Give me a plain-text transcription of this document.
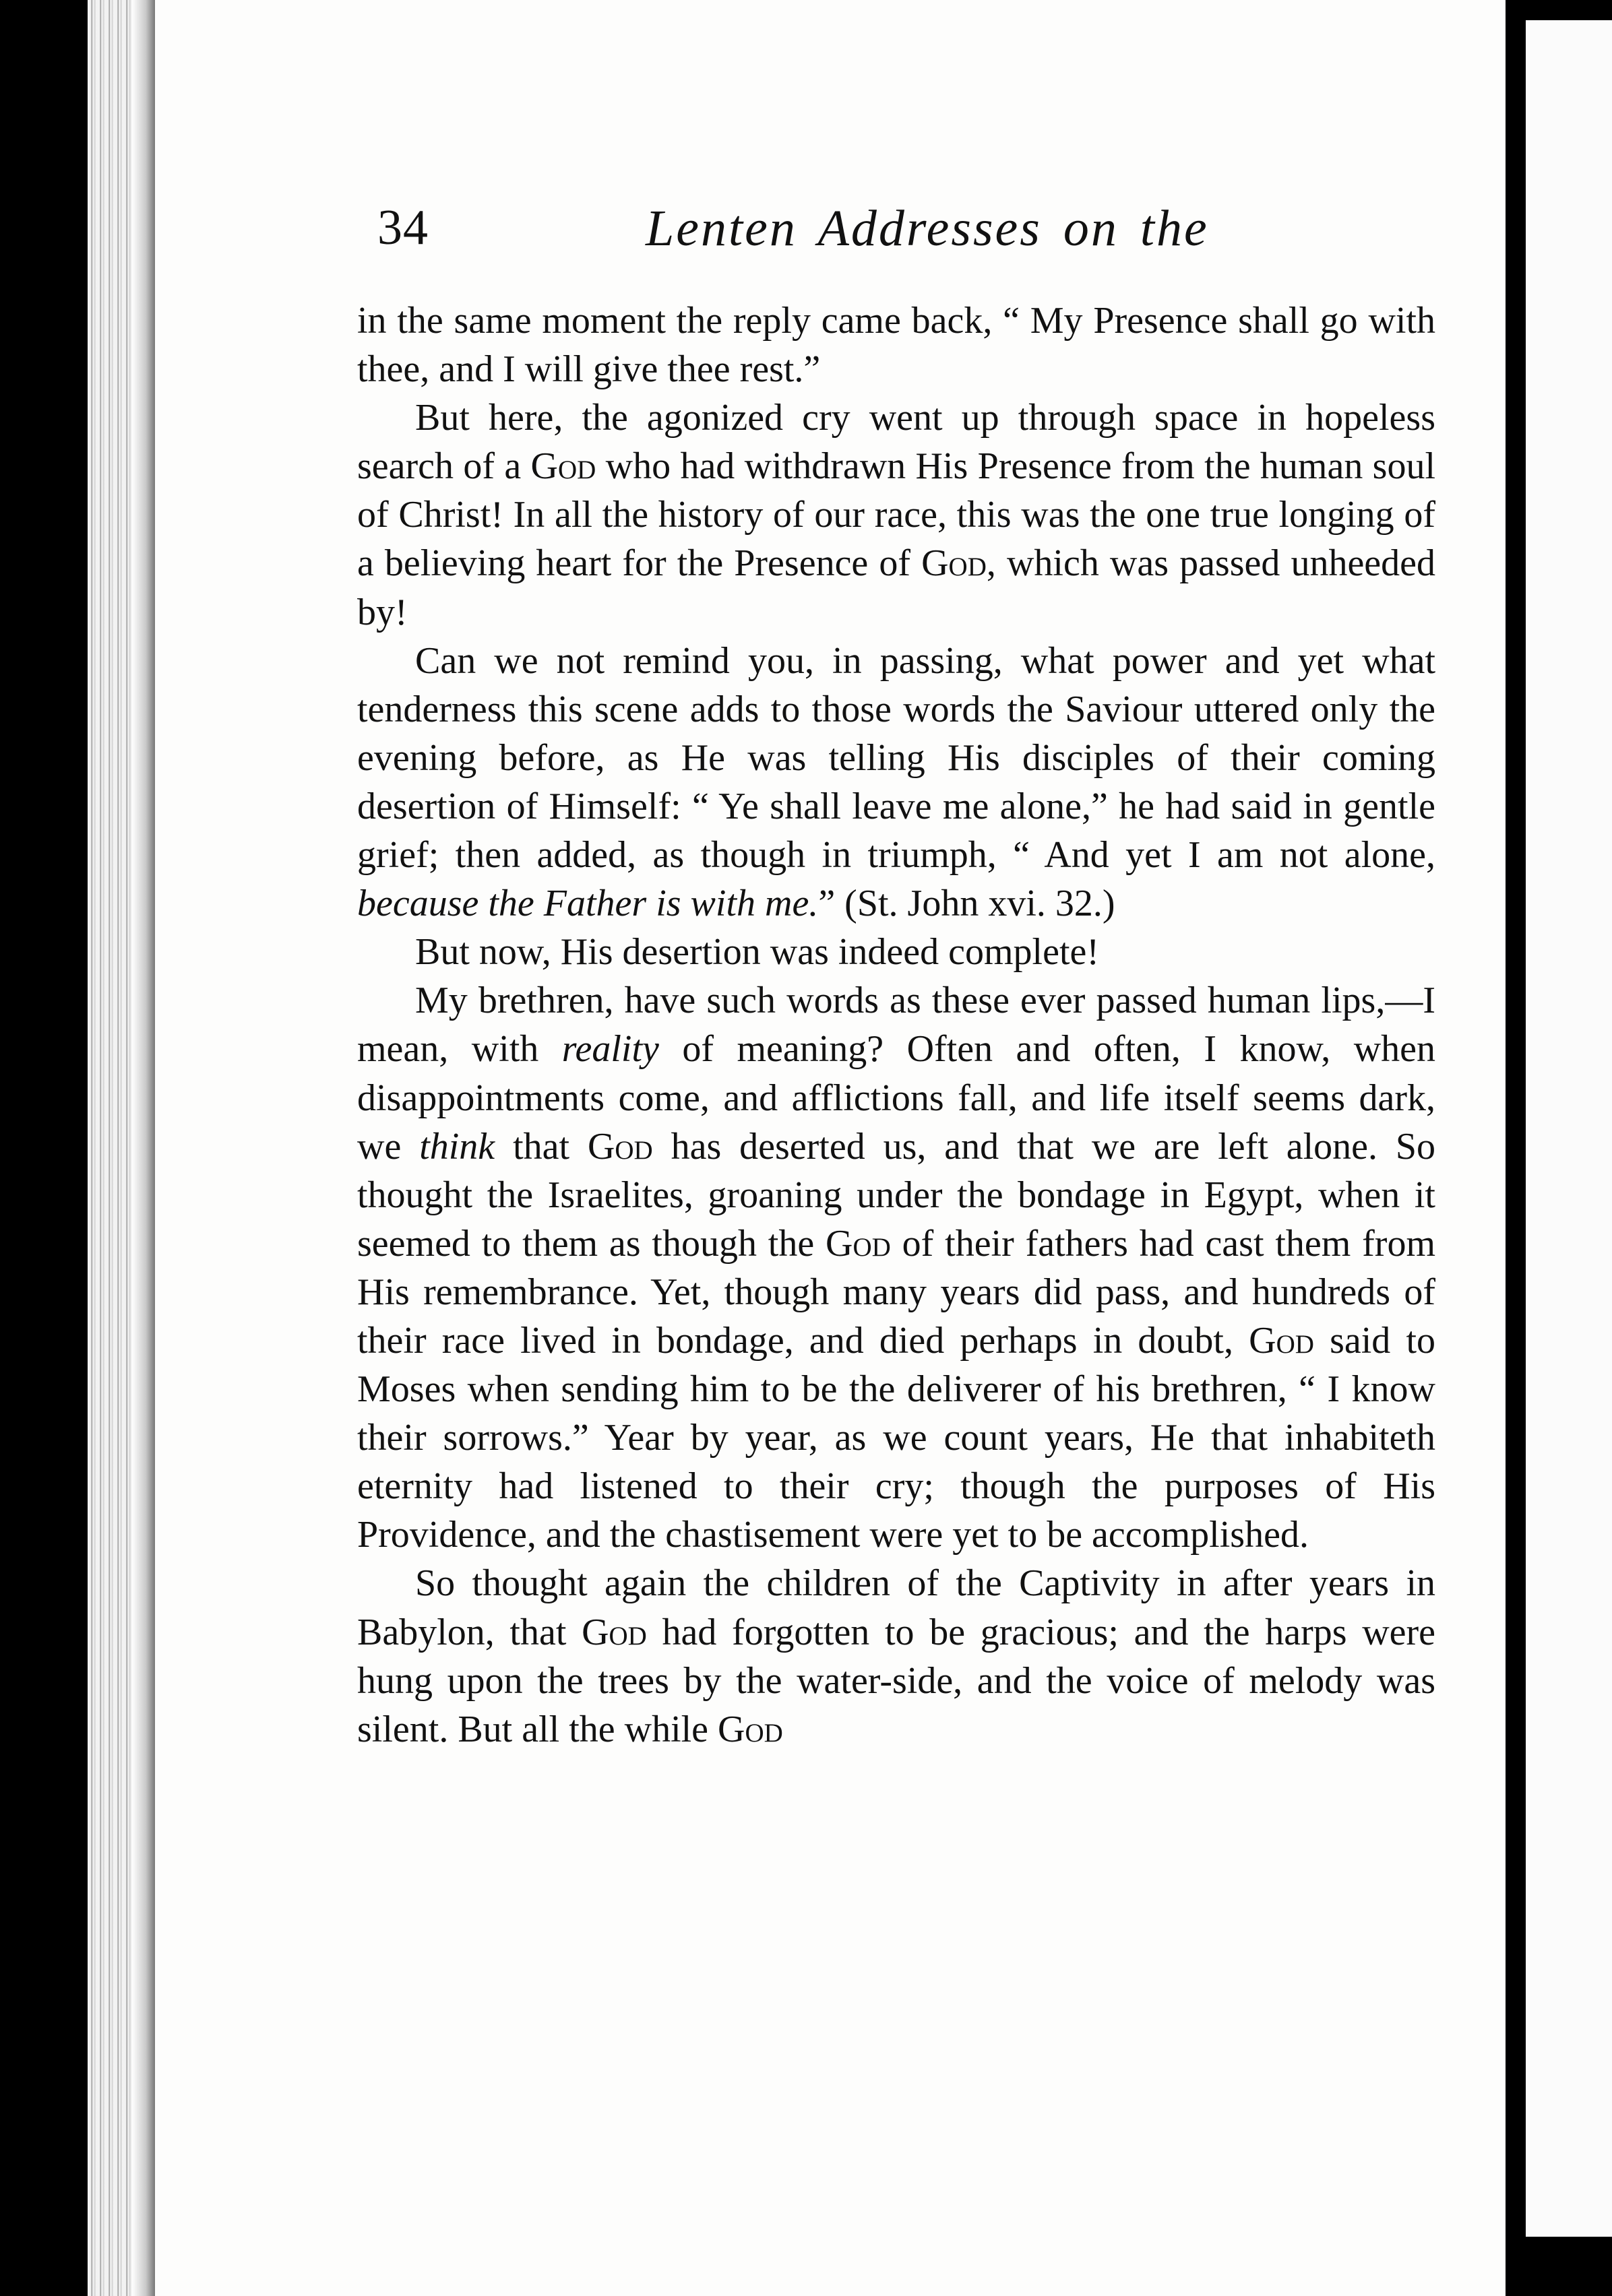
34	Lenten Addresses on the

in the same moment the reply came back, “ My Presence shall go with thee, and I will give thee rest.”

But here, the agonized cry went up through space in hopeless search of a God who had withdrawn His Presence from the human soul of Christ! In all the history of our race, this was the one true longing of a believing heart for the Presence of God, which was passed unheeded by!

Can we not remind you, in passing, what power and yet what tenderness this scene adds to those words the Saviour uttered only the evening before, as He was telling His disciples of their coming desertion of Himself: “ Ye shall leave me alone,” he had said in gentle grief; then added, as though in triumph, “ And yet I am not alone, because the Father is with me.” (St. John xvi. 32.)

But now, His desertion was indeed complete!

My brethren, have such words as these ever passed human lips,—I mean, with reality of meaning? Often and often, I know, when disappointments come, and afflictions fall, and life itself seems dark, we think that God has deserted us, and that we are left alone. So thought the Israelites, groaning under the bondage in Egypt, when it seemed to them as though the God of their fathers had cast them from His remembrance. Yet, though many years did pass, and hundreds of their race lived in bondage, and died perhaps in doubt, God said to Moses when sending him to be the deliverer of his brethren, “ I know their sorrows.” Year by year, as we count years, He that inhabiteth eternity had listened to their cry; though the purposes of His Providence, and the chastisement were yet to be accomplished.

So thought again the children of the Captivity in after years in Babylon, that God had forgotten to be gracious; and the harps were hung upon the trees by the water-side, and the voice of melody was silent. But all the while God
